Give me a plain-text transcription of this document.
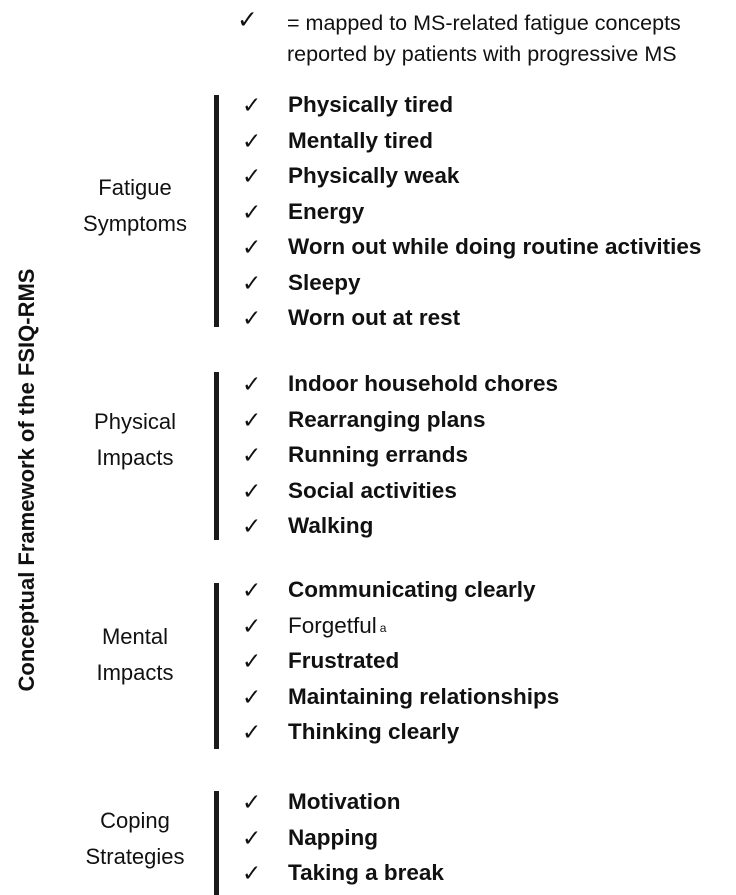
✓ = mapped to MS-related fatigue concepts
reported by patients with progressive MS
Conceptual Framework of the FSIQ-RMS
Fatigue
Symptoms
✓ Physically tired
✓ Mentally tired
✓ Physically weak
✓ Energy
✓ Worn out while doing routine activities
✓ Sleepy
✓ Worn out at rest
Physical
Impacts
✓ Indoor household chores
✓ Rearranging plans
✓ Running errands
✓ Social activities
✓ Walking
Mental
Impacts
✓ Communicating clearly
✓ Forgetful $^a$
✓ Frustrated
✓ Maintaining relationships
✓ Thinking clearly
Coping
Strategies
✓ Motivation
✓ Napping
✓ Taking a break
